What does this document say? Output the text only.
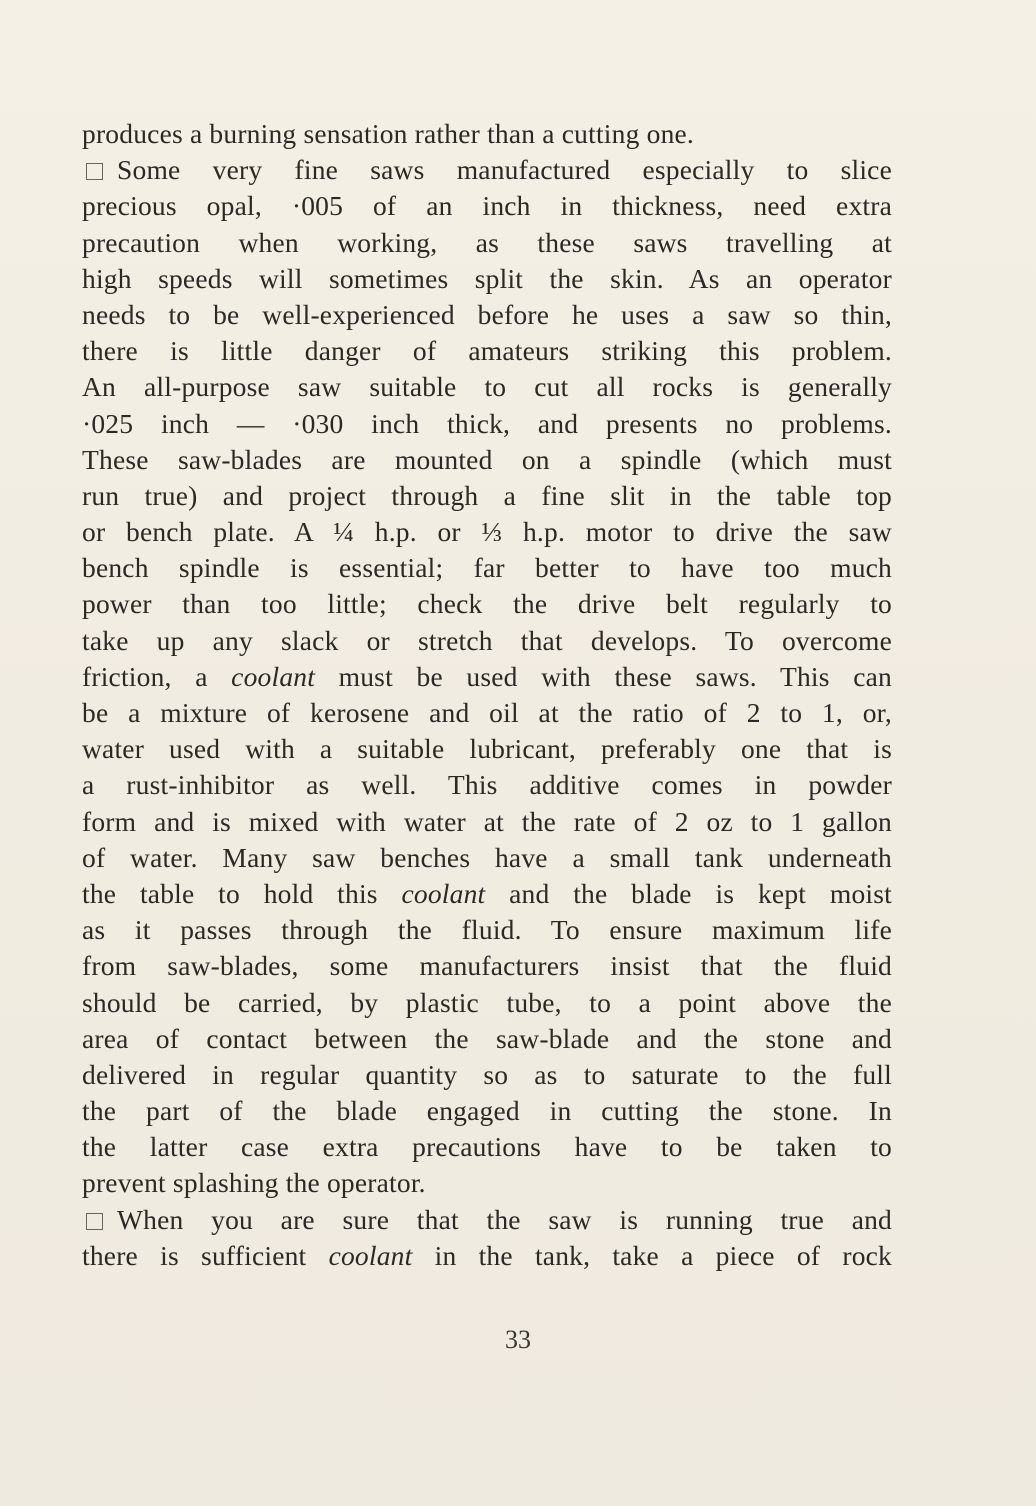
produces a burning sensation rather than a cutting one.
Some very fine saws manufactured especially to slice
precious opal, ·005 of an inch in thickness, need extra
precaution when working, as these saws travelling at
high speeds will sometimes split the skin. As an operator
needs to be well-experienced before he uses a saw so thin,
there is little danger of amateurs striking this problem.
An all-purpose saw suitable to cut all rocks is generally
·025 inch — ·030 inch thick, and presents no problems.
These saw-blades are mounted on a spindle (which must
run true) and project through a fine slit in the table top
or bench plate. A ¼ h.p. or ⅓ h.p. motor to drive the saw
bench spindle is essential; far better to have too much
power than too little; check the drive belt regularly to
take up any slack or stretch that develops. To overcome
friction, a coolant must be used with these saws. This can
be a mixture of kerosene and oil at the ratio of 2 to 1, or,
water used with a suitable lubricant, preferably one that is
a rust-inhibitor as well. This additive comes in powder
form and is mixed with water at the rate of 2 oz to 1 gallon
of water. Many saw benches have a small tank underneath
the table to hold this coolant and the blade is kept moist
as it passes through the fluid. To ensure maximum life
from saw-blades, some manufacturers insist that the fluid
should be carried, by plastic tube, to a point above the
area of contact between the saw-blade and the stone and
delivered in regular quantity so as to saturate to the full
the part of the blade engaged in cutting the stone. In
the latter case extra precautions have to be taken to
prevent splashing the operator.
When you are sure that the saw is running true and
there is sufficient coolant in the tank, take a piece of rock
33
